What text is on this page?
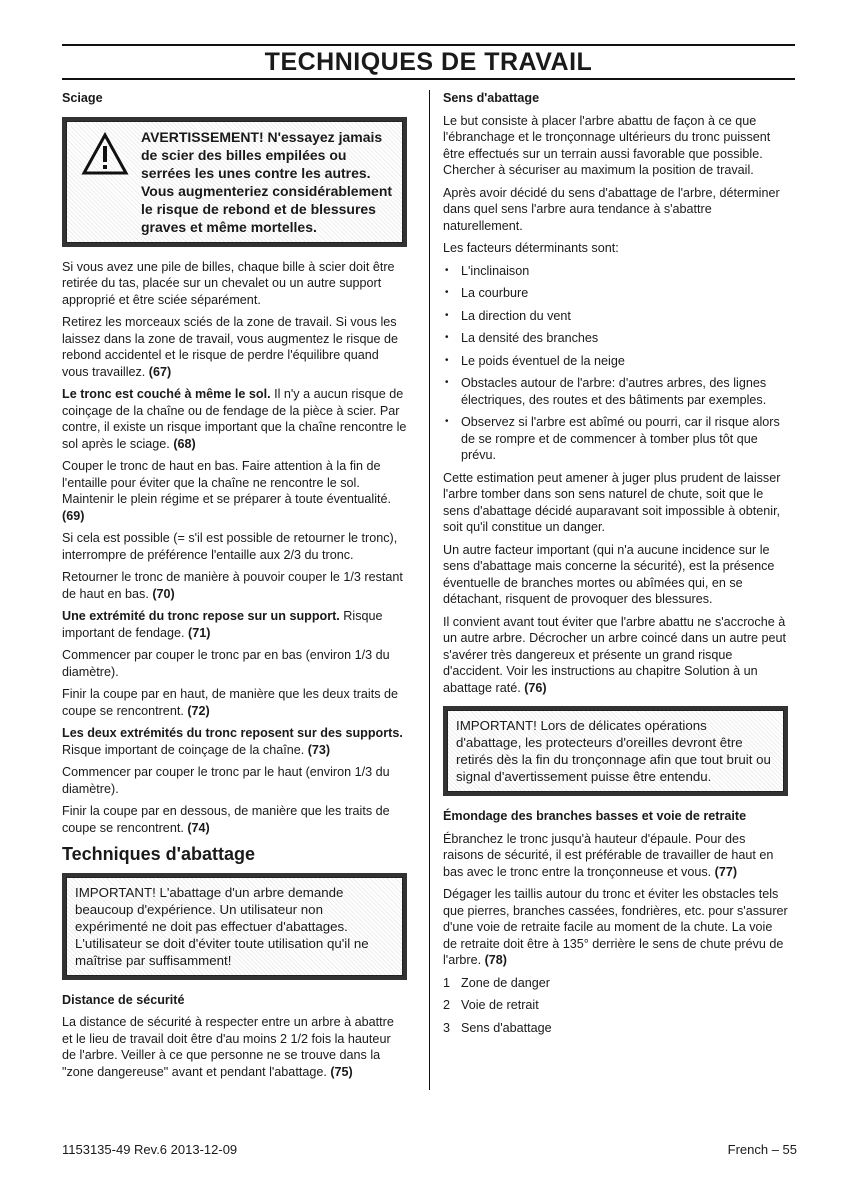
TECHNIQUES DE TRAVAIL
Sciage

AVERTISSEMENT! N'essayez jamais de scier des billes empilées ou serrées les unes contre les autres. Vous augmenteriez considérablement le risque de rebond et de blessures graves et même mortelles.

Si vous avez une pile de billes, chaque bille à scier doit être retirée du tas, placée sur un chevalet ou un autre support approprié et être sciée séparément.

Retirez les morceaux sciés de la zone de travail. Si vous les laissez dans la zone de travail, vous augmentez le risque de rebond accidentel et le risque de perdre l'équilibre quand vous travaillez. (67)

Le tronc est couché à même le sol. Il n'y a aucun risque de coinçage de la chaîne ou de fendage de la pièce à scier. Par contre, il existe un risque important que la chaîne rencontre le sol après le sciage. (68)

Couper le tronc de haut en bas. Faire attention à la fin de l'entaille pour éviter que la chaîne ne rencontre le sol. Maintenir le plein régime et se préparer à toute éventualité. (69)

Si cela est possible (= s'il est possible de retourner le tronc), interrompre de préférence l'entaille aux 2/3 du tronc.

Retourner le tronc de manière à pouvoir couper le 1/3 restant de haut en bas. (70)

Une extrémité du tronc repose sur un support. Risque important de fendage. (71)

Commencer par couper le tronc par en bas (environ 1/3 du diamètre).

Finir la coupe par en haut, de manière que les deux traits de coupe se rencontrent. (72)

Les deux extrémités du tronc reposent sur des supports. Risque important de coinçage de la chaîne. (73)

Commencer par couper le tronc par le haut (environ 1/3 du diamètre).

Finir la coupe par en dessous, de manière que les traits de coupe se rencontrent. (74)

Techniques d'abattage

IMPORTANT! L'abattage d'un arbre demande beaucoup d'expérience. Un utilisateur non expérimenté ne doit pas effectuer d'abattages. L'utilisateur se doit d'éviter toute utilisation qu'il ne maîtrise par suffisamment!

Distance de sécurité

La distance de sécurité à respecter entre un arbre à abattre et le lieu de travail doit être d'au moins 2 1/2 fois la hauteur de l'arbre. Veiller à ce que personne ne se trouve dans la "zone dangereuse" avant et pendant l'abattage. (75)

Sens d'abattage

Le but consiste à placer l'arbre abattu de façon à ce que l'ébranchage et le tronçonnage ultérieurs du tronc puissent être effectués sur un terrain aussi favorable que possible. Chercher à sécuriser au maximum la position de travail.

Après avoir décidé du sens d'abattage de l'arbre, déterminer dans quel sens l'arbre aura tendance à s'abattre naturellement.

Les facteurs déterminants sont:

• L'inclinaison
• La courbure
• La direction du vent
• La densité des branches
• Le poids éventuel de la neige
• Obstacles autour de l'arbre: d'autres arbres, des lignes électriques, des routes et des bâtiments par exemples.
• Observez si l'arbre est abîmé ou pourri, car il risque alors de se rompre et de commencer à tomber plus tôt que prévu.

Cette estimation peut amener à juger plus prudent de laisser l'arbre tomber dans son sens naturel de chute, soit que le sens d'abattage décidé auparavant soit impossible à obtenir, soit qu'il constitue un danger.

Un autre facteur important (qui n'a aucune incidence sur le sens d'abattage mais concerne la sécurité), est la présence éventuelle de branches mortes ou abîmées qui, en se détachant, risquent de provoquer des blessures.

Il convient avant tout éviter que l'arbre abattu ne s'accroche à un autre arbre. Décrocher un arbre coincé dans un autre peut s'avérer très dangereux et présente un grand risque d'accident. Voir les instructions au chapitre Solution à un abattage raté. (76)

IMPORTANT! Lors de délicates opérations d'abattage, les protecteurs d'oreilles devront être retirés dès la fin du tronçonnage afin que tout bruit ou signal d'avertissement puisse être entendu.

Émondage des branches basses et voie de retraite

Ébranchez le tronc jusqu'à hauteur d'épaule. Pour des raisons de sécurité, il est préférable de travailler de haut en bas avec le tronc entre la tronçonneuse et vous. (77)

Dégager les taillis autour du tronc et éviter les obstacles tels que pierres, branches cassées, fondrières, etc. pour s'assurer d'une voie de retraite facile au moment de la chute. La voie de retraite doit être à 135° derrière le sens de chute prévu de l'arbre. (78)

1 Zone de danger
2 Voie de retrait
3 Sens d'abattage
1153135-49 Rev.6 2013-12-09	French – 55
